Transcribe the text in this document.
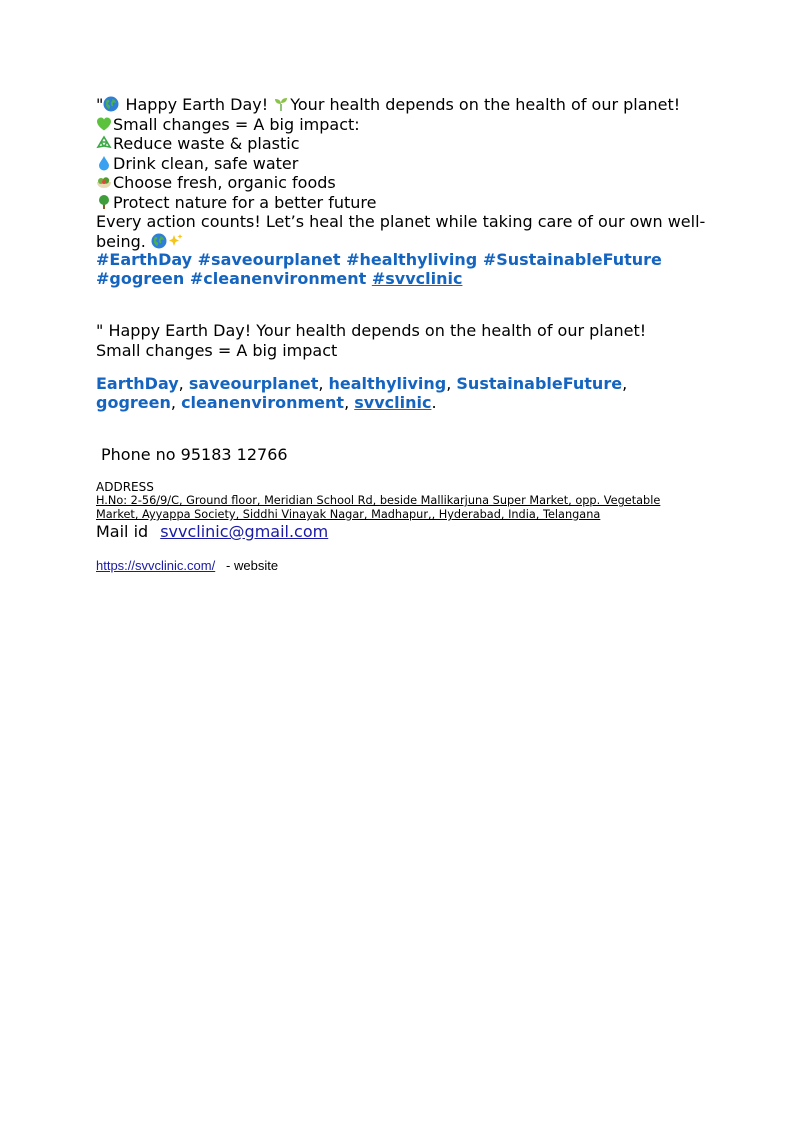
" Happy Earth Day! Your health depends on the health of our planet!
Small changes = A big impact:
Reduce waste & plastic
Drink clean, safe water
Choose fresh, organic foods
Protect nature for a better future
Every action counts! Let’s heal the planet while taking care of our own well-being.
#EarthDay #saveourplanet #healthyliving #SustainableFuture #gogreen #cleanenvironment #svvclinic
" Happy Earth Day! Your health depends on the health of our planet!
Small changes = A big impact
EarthDay, saveourplanet, healthyliving, SustainableFuture, gogreen, cleanenvironment, svvclinic.
Phone no 95183 12766
ADDRESS
H.No: 2-56/9/C, Ground floor, Meridian School Rd, beside Mallikarjuna Super Market, opp. Vegetable Market, Ayyappa Society, Siddhi Vinayak Nagar, Madhapur,, Hyderabad, India, Telangana
Mail id svvclinic@gmail.com
https://svvclinic.com/   - website
